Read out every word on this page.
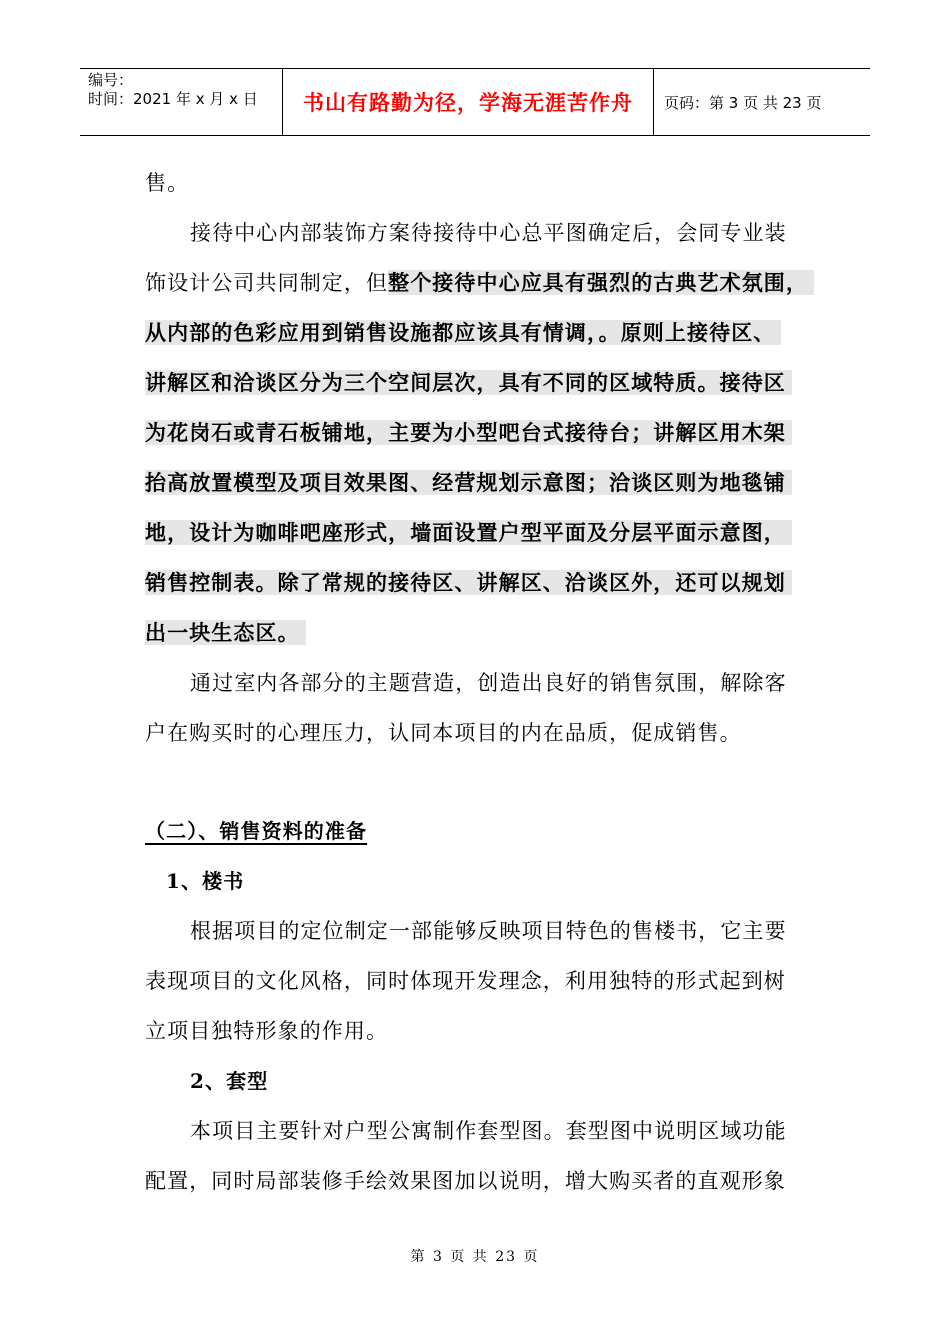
编号：
时间：2021 年 x 月 x 日	书山有路勤为径，学海无涯苦作舟	页码：第 3 页 共 23 页
售。
接待中心内部装饰方案待接待中心总平图确定后，会同专业装
饰设计公司共同制定，但整个接待中心应具有强烈的古典艺术氛围，
从内部的色彩应用到销售设施都应该具有情调，。原则上接待区、
讲解区和洽谈区分为三个空间层次，具有不同的区域特质。接待区
为花岗石或青石板铺地，主要为小型吧台式接待台；讲解区用木架
抬高放置模型及项目效果图、经营规划示意图；洽谈区则为地毯铺
地，设计为咖啡吧座形式，墙面设置户型平面及分层平面示意图，
销售控制表。除了常规的接待区、讲解区、洽谈区外，还可以规划
出一块生态区。
通过室内各部分的主题营造，创造出良好的销售氛围，解除客
户在购买时的心理压力，认同本项目的内在品质，促成销售。
（二）、销售资料的准备
1、楼书
根据项目的定位制定一部能够反映项目特色的售楼书，它主要
表现项目的文化风格，同时体现开发理念，利用独特的形式起到树
立项目独特形象的作用。
2、套型
本项目主要针对户型公寓制作套型图。套型图中说明区域功能
配置，同时局部装修手绘效果图加以说明，增大购买者的直观形象
第 3 页 共 23 页
